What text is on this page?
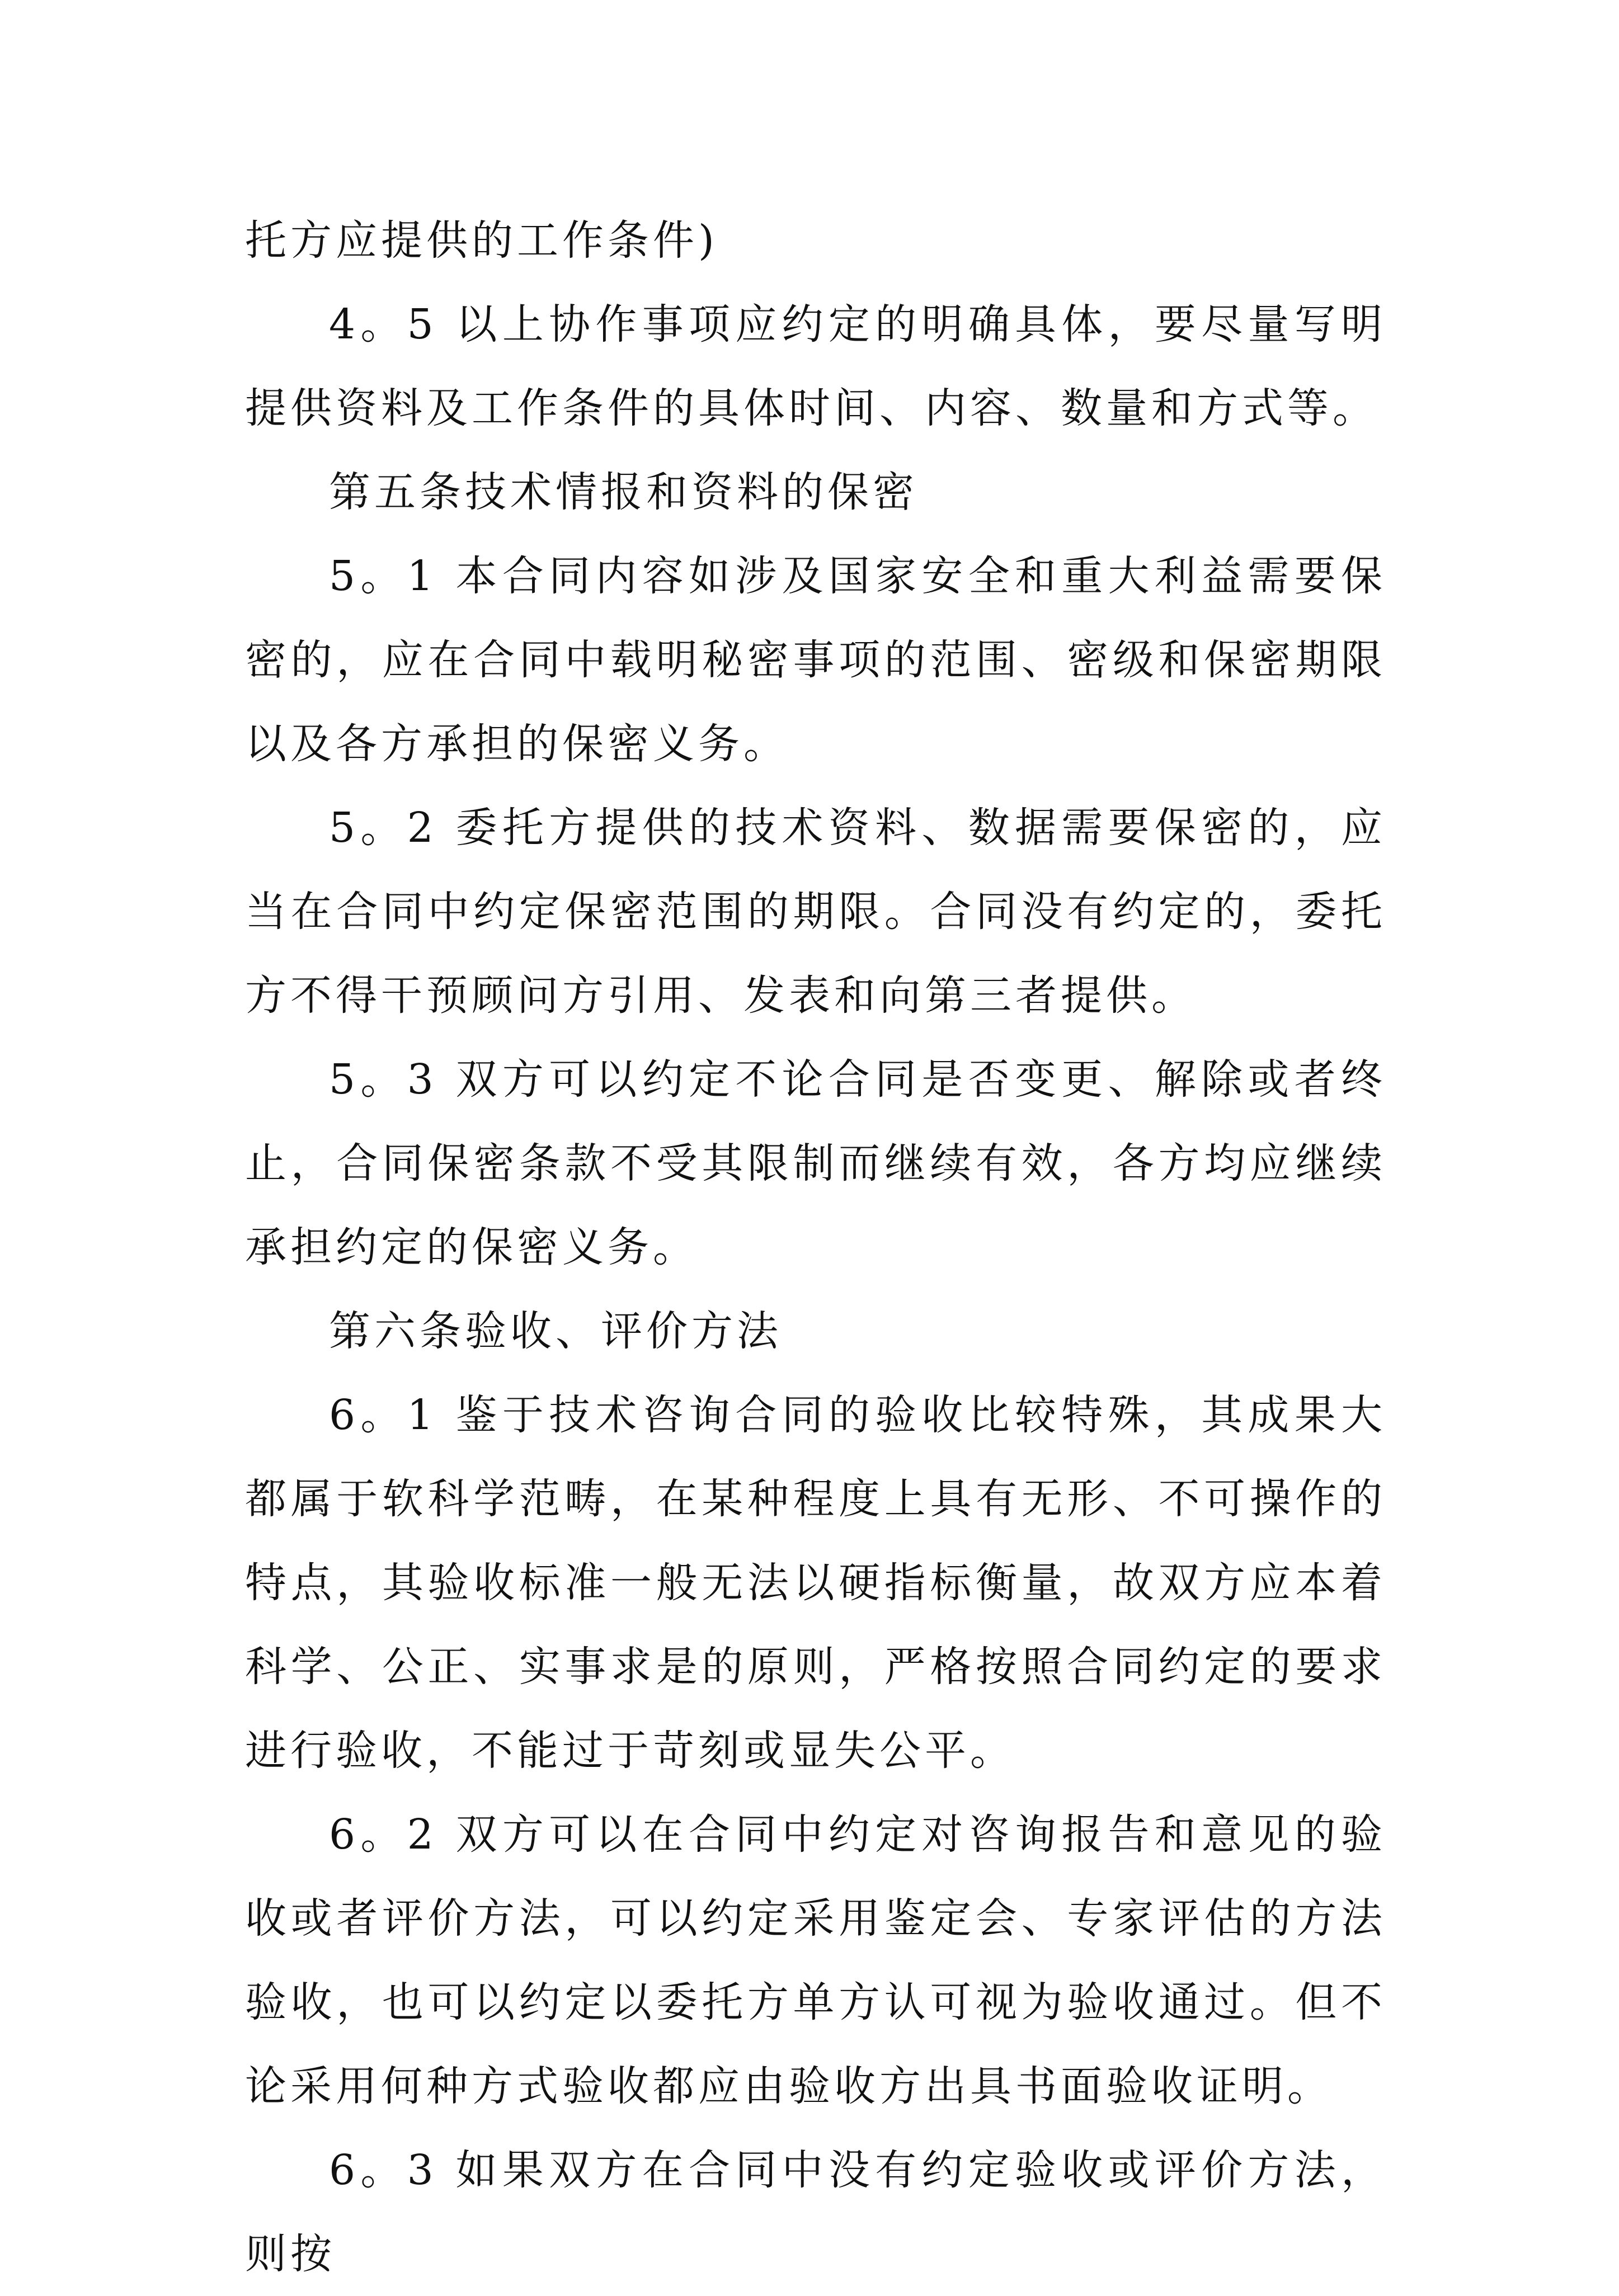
托方应提供的工作条件)

4。5 以上协作事项应约定的明确具体，要尽量写明提供资料及工作条件的具体时间、内容、数量和方式等。

第五条技术情报和资料的保密

5。1 本合同内容如涉及国家安全和重大利益需要保密的，应在合同中载明秘密事项的范围、密级和保密期限以及各方承担的保密义务。

5。2 委托方提供的技术资料、数据需要保密的，应当在合同中约定保密范围的期限。合同没有约定的，委托方不得干预顾问方引用、发表和向第三者提供。

5。3 双方可以约定不论合同是否变更、解除或者终止，合同保密条款不受其限制而继续有效，各方均应继续承担约定的保密义务。

第六条验收、评价方法

6。1 鉴于技术咨询合同的验收比较特殊，其成果大都属于软科学范畴，在某种程度上具有无形、不可操作的特点，其验收标准一般无法以硬指标衡量，故双方应本着科学、公正、实事求是的原则，严格按照合同约定的要求进行验收，不能过于苛刻或显失公平。

6。2 双方可以在合同中约定对咨询报告和意见的验收或者评价方法，可以约定采用鉴定会、专家评估的方法验收，也可以约定以委托方单方认可视为验收通过。但不论采用何种方式验收都应由验收方出具书面验收证明。

6。3 如果双方在合同中没有约定验收或评价方法，则按
